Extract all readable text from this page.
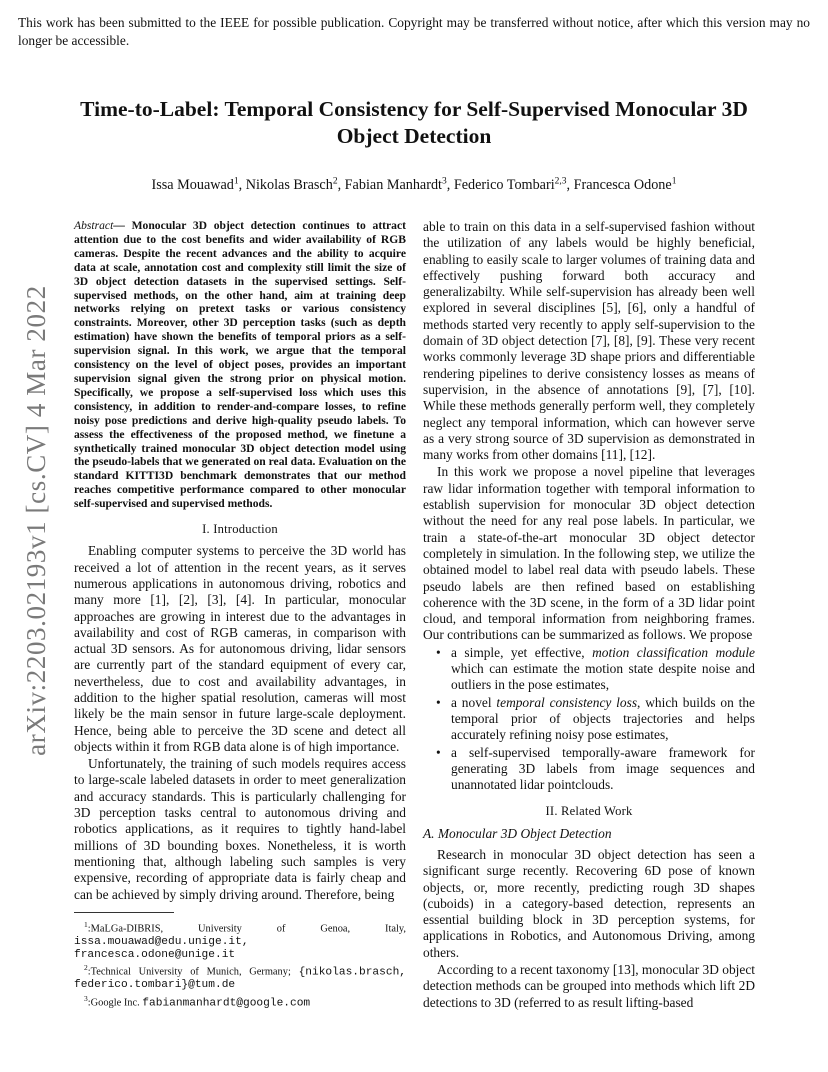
This work has been submitted to the IEEE for possible publication. Copyright may be transferred without notice, after which this version may no longer be accessible.
arXiv:2203.02193v1 [cs.CV] 4 Mar 2022
Time-to-Label: Temporal Consistency for Self-Supervised Monocular 3D Object Detection
Issa Mouawad$^1$, Nikolas Brasch$^2$, Fabian Manhardt$^3$, Federico Tombari$^{2,3}$, Francesca Odone$^1$

Abstract— Monocular 3D object detection continues to attract attention due to the cost benefits and wider availability of RGB cameras. Despite the recent advances and the ability to acquire data at scale, annotation cost and complexity still limit the size of 3D object detection datasets in the supervised settings. Self-supervised methods, on the other hand, aim at training deep networks relying on pretext tasks or various consistency constraints. Moreover, other 3D perception tasks (such as depth estimation) have shown the benefits of temporal priors as a self-supervision signal. In this work, we argue that the temporal consistency on the level of object poses, provides an important supervision signal given the strong prior on physical motion. Specifically, we propose a self-supervised loss which uses this consistency, in addition to render-and-compare losses, to refine noisy pose predictions and derive high-quality pseudo labels. To assess the effectiveness of the proposed method, we finetune a synthetically trained monocular 3D object detection model using the pseudo-labels that we generated on real data. Evaluation on the standard KITTI3D benchmark demonstrates that our method reaches competitive performance compared to other monocular self-supervised and supervised methods.

I. Introduction

Enabling computer systems to perceive the 3D world has received a lot of attention in the recent years, as it serves numerous applications in autonomous driving, robotics and many more [1], [2], [3], [4]. In particular, monocular approaches are growing in interest due to the advantages in availability and cost of RGB cameras, in comparison with actual 3D sensors. As for autonomous driving, lidar sensors are currently part of the standard equipment of every car, nevertheless, due to cost and availability advantages, in addition to the higher spatial resolution, cameras will most likely be the main sensor in future large-scale deployment. Hence, being able to perceive the 3D scene and detect all objects within it from RGB data alone is of high importance.

Unfortunately, the training of such models requires access to large-scale labeled datasets in order to meet generalization and accuracy standards. This is particularly challenging for 3D perception tasks central to autonomous driving and robotics applications, as it requires to tightly hand-label millions of 3D bounding boxes. Nonetheless, it is worth mentioning that, although labeling such samples is very expensive, recording of appropriate data is fairly cheap and can be achieved by simply driving around. Therefore, being

$^1$:MaLGa-DIBRIS, University of Genoa, Italy, issa.mouawad@edu.unige.it, francesca.odone@unige.it

$^2$:Technical University of Munich, Germany; {nikolas.brasch, federico.tombari}@tum.de

$^3$:Google Inc. fabianmanhardt@google.com

able to train on this data in a self-supervised fashion without the utilization of any labels would be highly beneficial, enabling to easily scale to larger volumes of training data and effectively pushing forward both accuracy and generalizabilty. While self-supervision has already been well explored in several disciplines [5], [6], only a handful of methods started very recently to apply self-supervision to the domain of 3D object detection [7], [8], [9]. These very recent works commonly leverage 3D shape priors and differentiable rendering pipelines to derive consistency losses as means of supervision, in the absence of annotations [9], [7], [10]. While these methods generally perform well, they completely neglect any temporal information, which can however serve as a very strong source of 3D supervision as demonstrated in many works from other domains [11], [12].

In this work we propose a novel pipeline that leverages raw lidar information together with temporal information to establish supervision for monocular 3D object detection without the need for any real pose labels. In particular, we train a state-of-the-art monocular 3D object detector completely in simulation. In the following step, we utilize the obtained model to label real data with pseudo labels. These pseudo labels are then refined based on establishing coherence with the 3D scene, in the form of a 3D lidar point cloud, and temporal information from neighboring frames. Our contributions can be summarized as follows. We propose

• a simple, yet effective, motion classification module which can estimate the motion state despite noise and outliers in the pose estimates,
• a novel temporal consistency loss, which builds on the temporal prior of objects trajectories and helps accurately refining noisy pose estimates,
• a self-supervised temporally-aware framework for generating 3D labels from image sequences and unannotated lidar pointclouds.
II. Related Work
A. Monocular 3D Object Detection

Research in monocular 3D object detection has seen a significant surge recently. Recovering 6D pose of known objects, or, more recently, predicting rough 3D shapes (cuboids) in a category-based detection, represents an essential building block in 3D perception systems, for applications in Robotics, and Autonomous Driving, among others.

According to a recent taxonomy [13], monocular 3D object detection methods can be grouped into methods which lift 2D detections to 3D (referred to as result lifting-based
